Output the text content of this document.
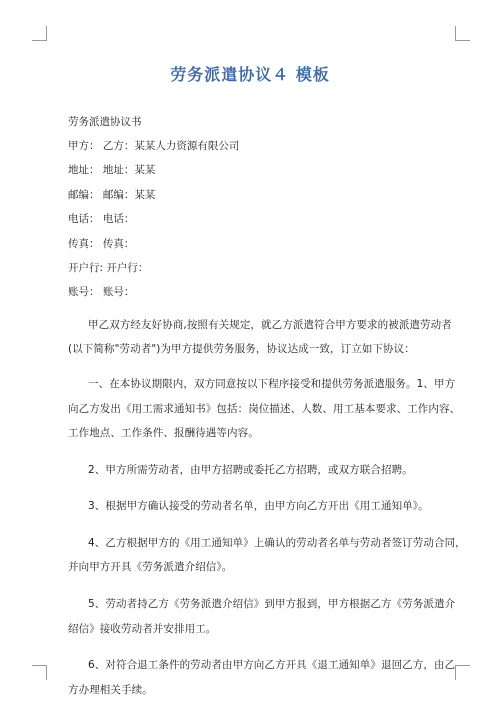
劳务派遣协议４ 模板
劳务派遣协议书
甲方： 乙方：某某人力资源有限公司
地址： 地址：某某
邮编： 邮编：某某
电话： 电话：
传真： 传真：
开户行: 开户行：
账号： 账号：
甲乙双方经友好协商,按照有关规定，就乙方派遣符合甲方要求的被派遣劳动者
(以下简称"劳动者")为甲方提供劳务服务，协议达成一致，订立如下协议：
一、在本协议期限内，双方同意按以下程序接受和提供劳务派遣服务。1、甲方
向乙方发出《用工需求通知书》包括：岗位描述、人数、用工基本要求、工作内容、
工作地点、工作条件、报酬待遇等内容。
2、甲方所需劳动者，由甲方招聘或委托乙方招聘，或双方联合招聘。
3、根据甲方确认接受的劳动者名单，由甲方向乙方开出《用工通知单》。
4、乙方根据甲方的《用工通知单》上确认的劳动者名单与劳动者签订劳动合同，
并向甲方开具《劳务派遣介绍信》。
5、劳动者持乙方《劳务派遣介绍信》到甲方报到，甲方根据乙方《劳务派遣介
绍信》接收劳动者并安排用工。
6、对符合退工条件的劳动者由甲方向乙方开具《退工通知单》退回乙方，由乙
方办理相关手续。
